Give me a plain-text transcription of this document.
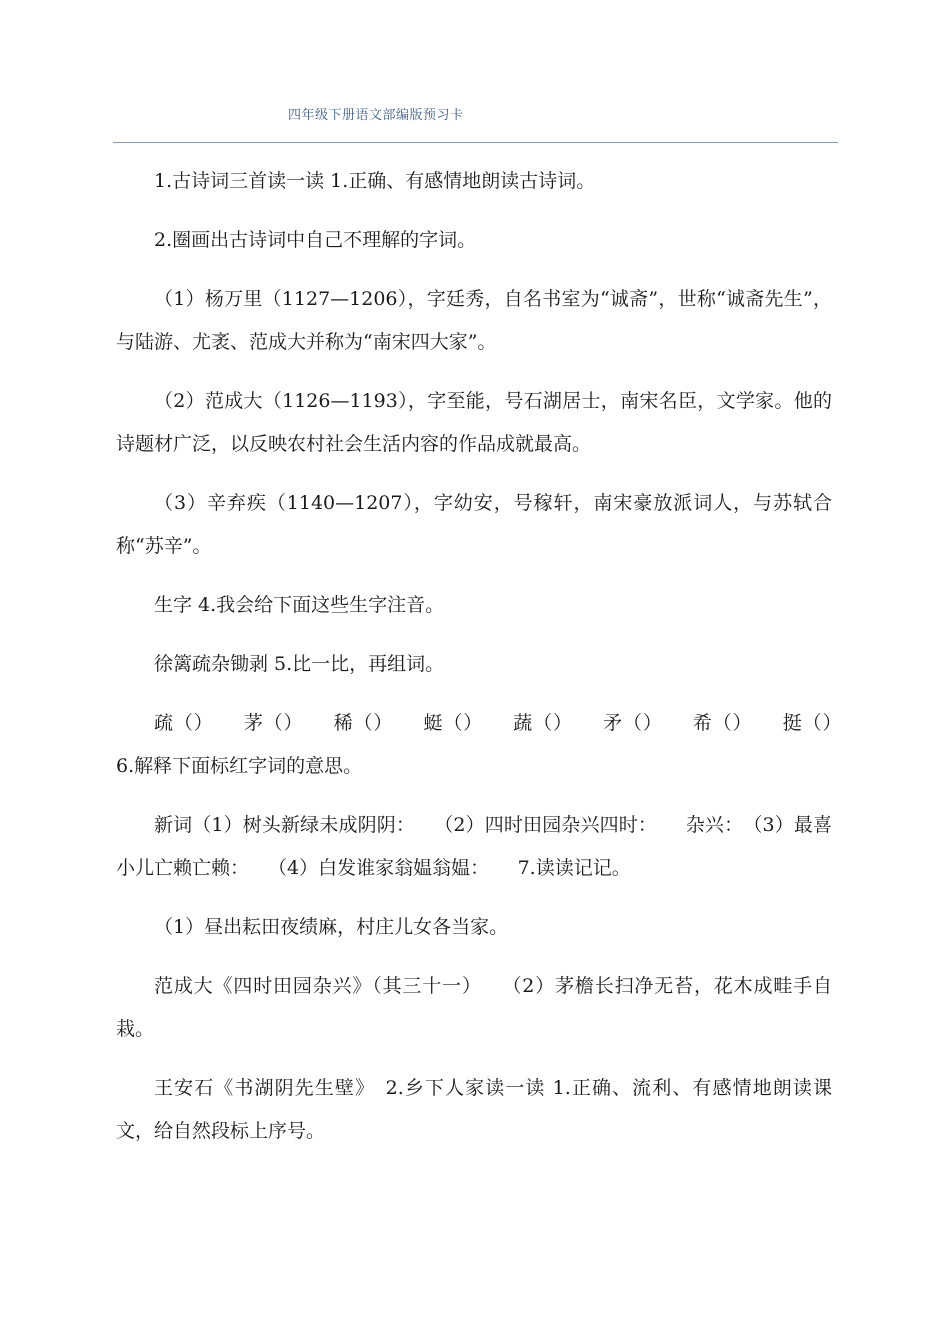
四年级下册语文部编版预习卡

1.古诗词三首读一读 1.正确、有感情地朗读古诗词。

2.圈画出古诗词中自己不理解的字词。

（1）杨万里（1127—1206），字廷秀，自名书室为“诚斋”，世称“诚斋先生”，与陆游、尤袤、范成大并称为“南宋四大家”。

（2）范成大（1126—1193），字至能，号石湖居士，南宋名臣，文学家。他的诗题材广泛，以反映农村社会生活内容的作品成就最高。

（3）辛弃疾（1140—1207），字幼安，号稼轩，南宋豪放派词人，与苏轼合称“苏辛”。

生字 4.我会给下面这些生字注音。

徐篱疏杂锄剥 5.比一比，再组词。

疏（）　　茅（）　　稀（）　　蜓（）　　蔬（）　　矛（）　　希（）　　挺（）　　6.解释下面标红字词的意思。

新词（1）树头新绿未成阴阴：　　（2）四时田园杂兴四时：　　杂兴：　（3）最喜小儿亡赖亡赖：　　（4）白发谁家翁媪翁媪：　　7.读读记记。

（1）昼出耘田夜绩麻，村庄儿女各当家。

范成大《四时田园杂兴》（其三十一）　　（2）茅檐长扫净无苔，花木成畦手自栽。

王安石《书湖阴先生壁》　2.乡下人家读一读 1.正确、流利、有感情地朗读课文，给自然段标上序号。
